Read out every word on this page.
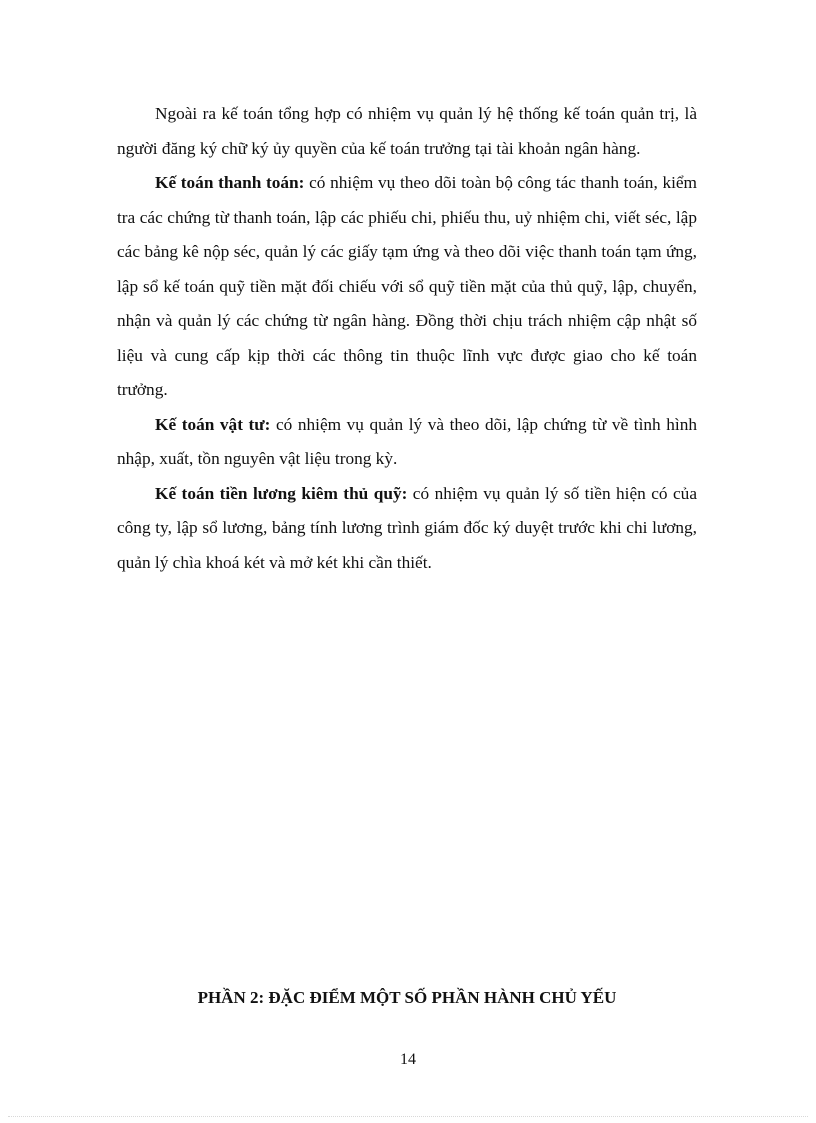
Ngoài ra kế toán tổng hợp có nhiệm vụ quản lý hệ thống kế toán quản trị, là người đăng ký chữ ký ủy quyền của kế toán trưởng tại tài khoản ngân hàng.

Kế toán thanh toán: có nhiệm vụ theo dõi toàn bộ công tác thanh toán, kiểm tra các chứng từ thanh toán, lập các phiếu chi, phiếu thu, uỷ nhiệm chi, viết séc, lập các bảng kê nộp séc, quản lý các giấy tạm ứng và theo dõi việc thanh toán tạm ứng, lập sổ kế toán quỹ tiền mặt đối chiếu với sổ quỹ tiền mặt của thủ quỹ, lập, chuyển, nhận và quản lý các chứng từ ngân hàng. Đồng thời chịu trách nhiệm cập nhật số liệu và cung cấp kịp thời các thông tin thuộc lĩnh vực được giao cho kế toán trưởng.

Kế toán vật tư: có nhiệm vụ quản lý và theo dõi, lập chứng từ về tình hình nhập, xuất, tồn nguyên vật liệu trong kỳ.

Kế toán tiền lương kiêm thủ quỹ: có nhiệm vụ quản lý số tiền hiện có của công ty, lập sổ lương, bảng tính lương trình giám đốc ký duyệt trước khi chi lương, quản lý chìa khoá két và mở két khi cần thiết.

PHẦN 2: ĐẶC ĐIỂM MỘT SỐ PHẦN HÀNH CHỦ YẾU
14
